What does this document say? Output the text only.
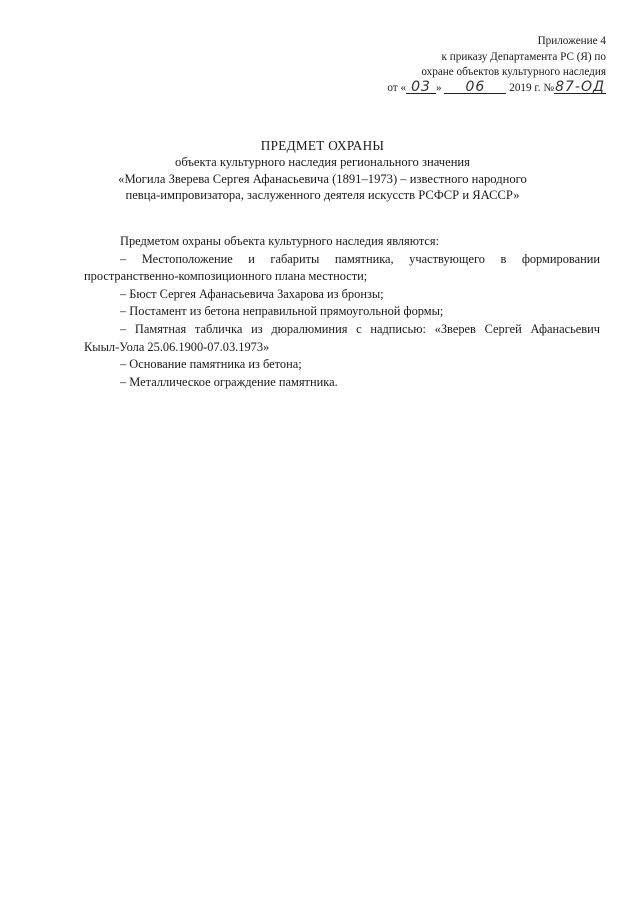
Приложение 4
к приказу Департамента РС (Я) по
охране объектов культурного наследия
от « 03 » 06 2019 г. №87-ОД
ПРЕДМЕТ ОХРАНЫ
объекта культурного наследия регионального значения
«Могила Зверева Сергея Афанасьевича (1891–1973) – известного народного
певца-импровизатора, заслуженного деятеля искусств РСФСР и ЯАССР»
Предметом охраны объекта культурного наследия являются:
– Местоположение и габариты памятника, участвующего в формировании
пространственно-композиционного плана местности;
– Бюст Сергея Афанасьевича Захарова из бронзы;
– Постамент из бетона неправильной прямоугольной формы;
– Памятная табличка из дюралюминия с надписью: «Зверев Сергей Афанасьевич
Кыыл-Уола 25.06.1900-07.03.1973»
– Основание памятника из бетона;
– Металлическое ограждение памятника.
